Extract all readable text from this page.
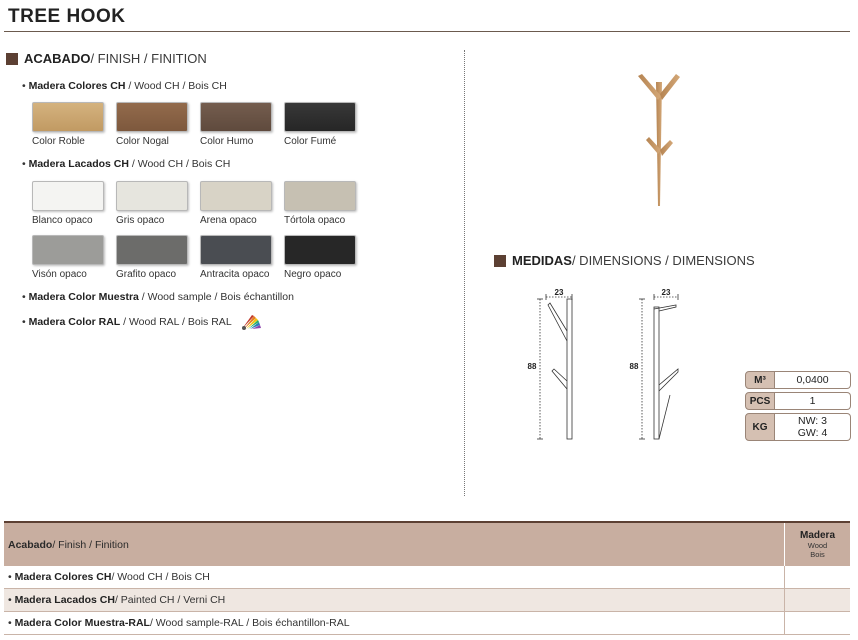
TREE HOOK
ACABADO / FINISH / FINITION
• Madera Colores CH / Wood CH / Bois CH
Color Roble	Color Nogal	Color Humo	Color Fumé
• Madera Lacados CH / Wood CH / Bois CH
Blanco opaco	Gris opaco	Arena opaco	Tórtola opaco
Visón opaco	Grafito opaco	Antracita opaco	Negro opaco
• Madera Color Muestra / Wood sample / Bois échantillon
• Madera Color RAL / Wood RAL / Bois RAL
MEDIDAS / DIMENSIONS / DIMENSIONS
23
88
23
88
M³	0,0400
PCS	1
KG	NW: 3
GW: 4
Acabado / Finish / Finition
Madera
Wood
Bois
• Madera Colores CH / Wood CH / Bois CH
• Madera Lacados CH / Painted CH / Verni CH
• Madera Color Muestra-RAL / Wood sample-RAL / Bois échantillon-RAL
